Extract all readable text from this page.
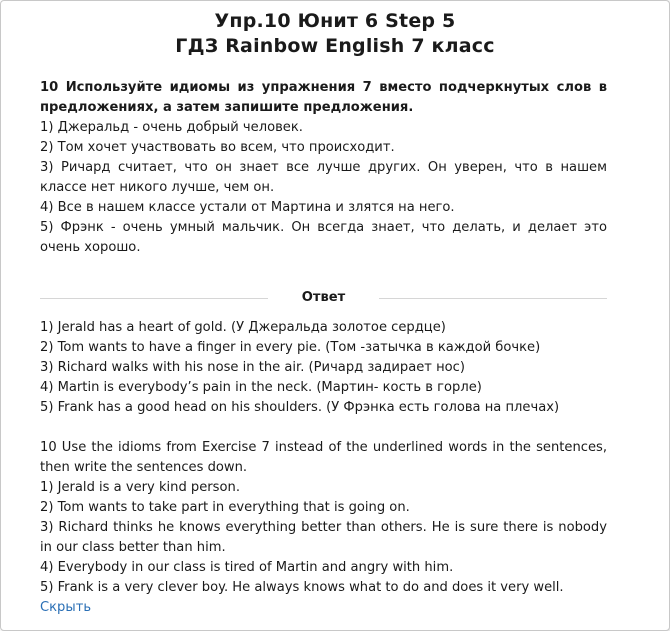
Упр.10 Юнит 6 Step 5
ГДЗ Rainbow English 7 класс
10 Используйте идиомы из упражнения 7 вместо подчеркнутых слов в предложениях, а затем запишите предложения.
1) Джеральд - очень добрый человек.
2) Том хочет участвовать во всем, что происходит.
3) Ричард считает, что он знает все лучше других. Он уверен, что в нашем классе нет никого лучше, чем он.
4) Все в нашем классе устали от Мартина и злятся на него.
5) Фрэнк - очень умный мальчик. Он всегда знает, что делать, и делает это очень хорошо.
Ответ
1) Jerald has a heart of gold. (У Джеральда золотое сердце)
2) Tom wants to have a finger in every pie. (Том -затычка в каждой бочке)
3) Richard walks with his nose in the air. (Ричард задирает нос)
4) Martin is everybody’s pain in the neck. (Мартин- кость в горле)
5) Frank has a good head on his shoulders. (У Фрэнка есть голова на плечах)
10 Use the idioms from Exercise 7 instead of the underlined words in the sentences, then write the sentences down.
1) Jerald is a very kind person.
2) Tom wants to take part in everything that is going on.
3) Richard thinks he knows everything better than others. He is sure there is nobody in our class better than him.
4) Everybody in our class is tired of Martin and angry with him.
5) Frank is a very clever boy. He always knows what to do and does it very well.
Скрыть
